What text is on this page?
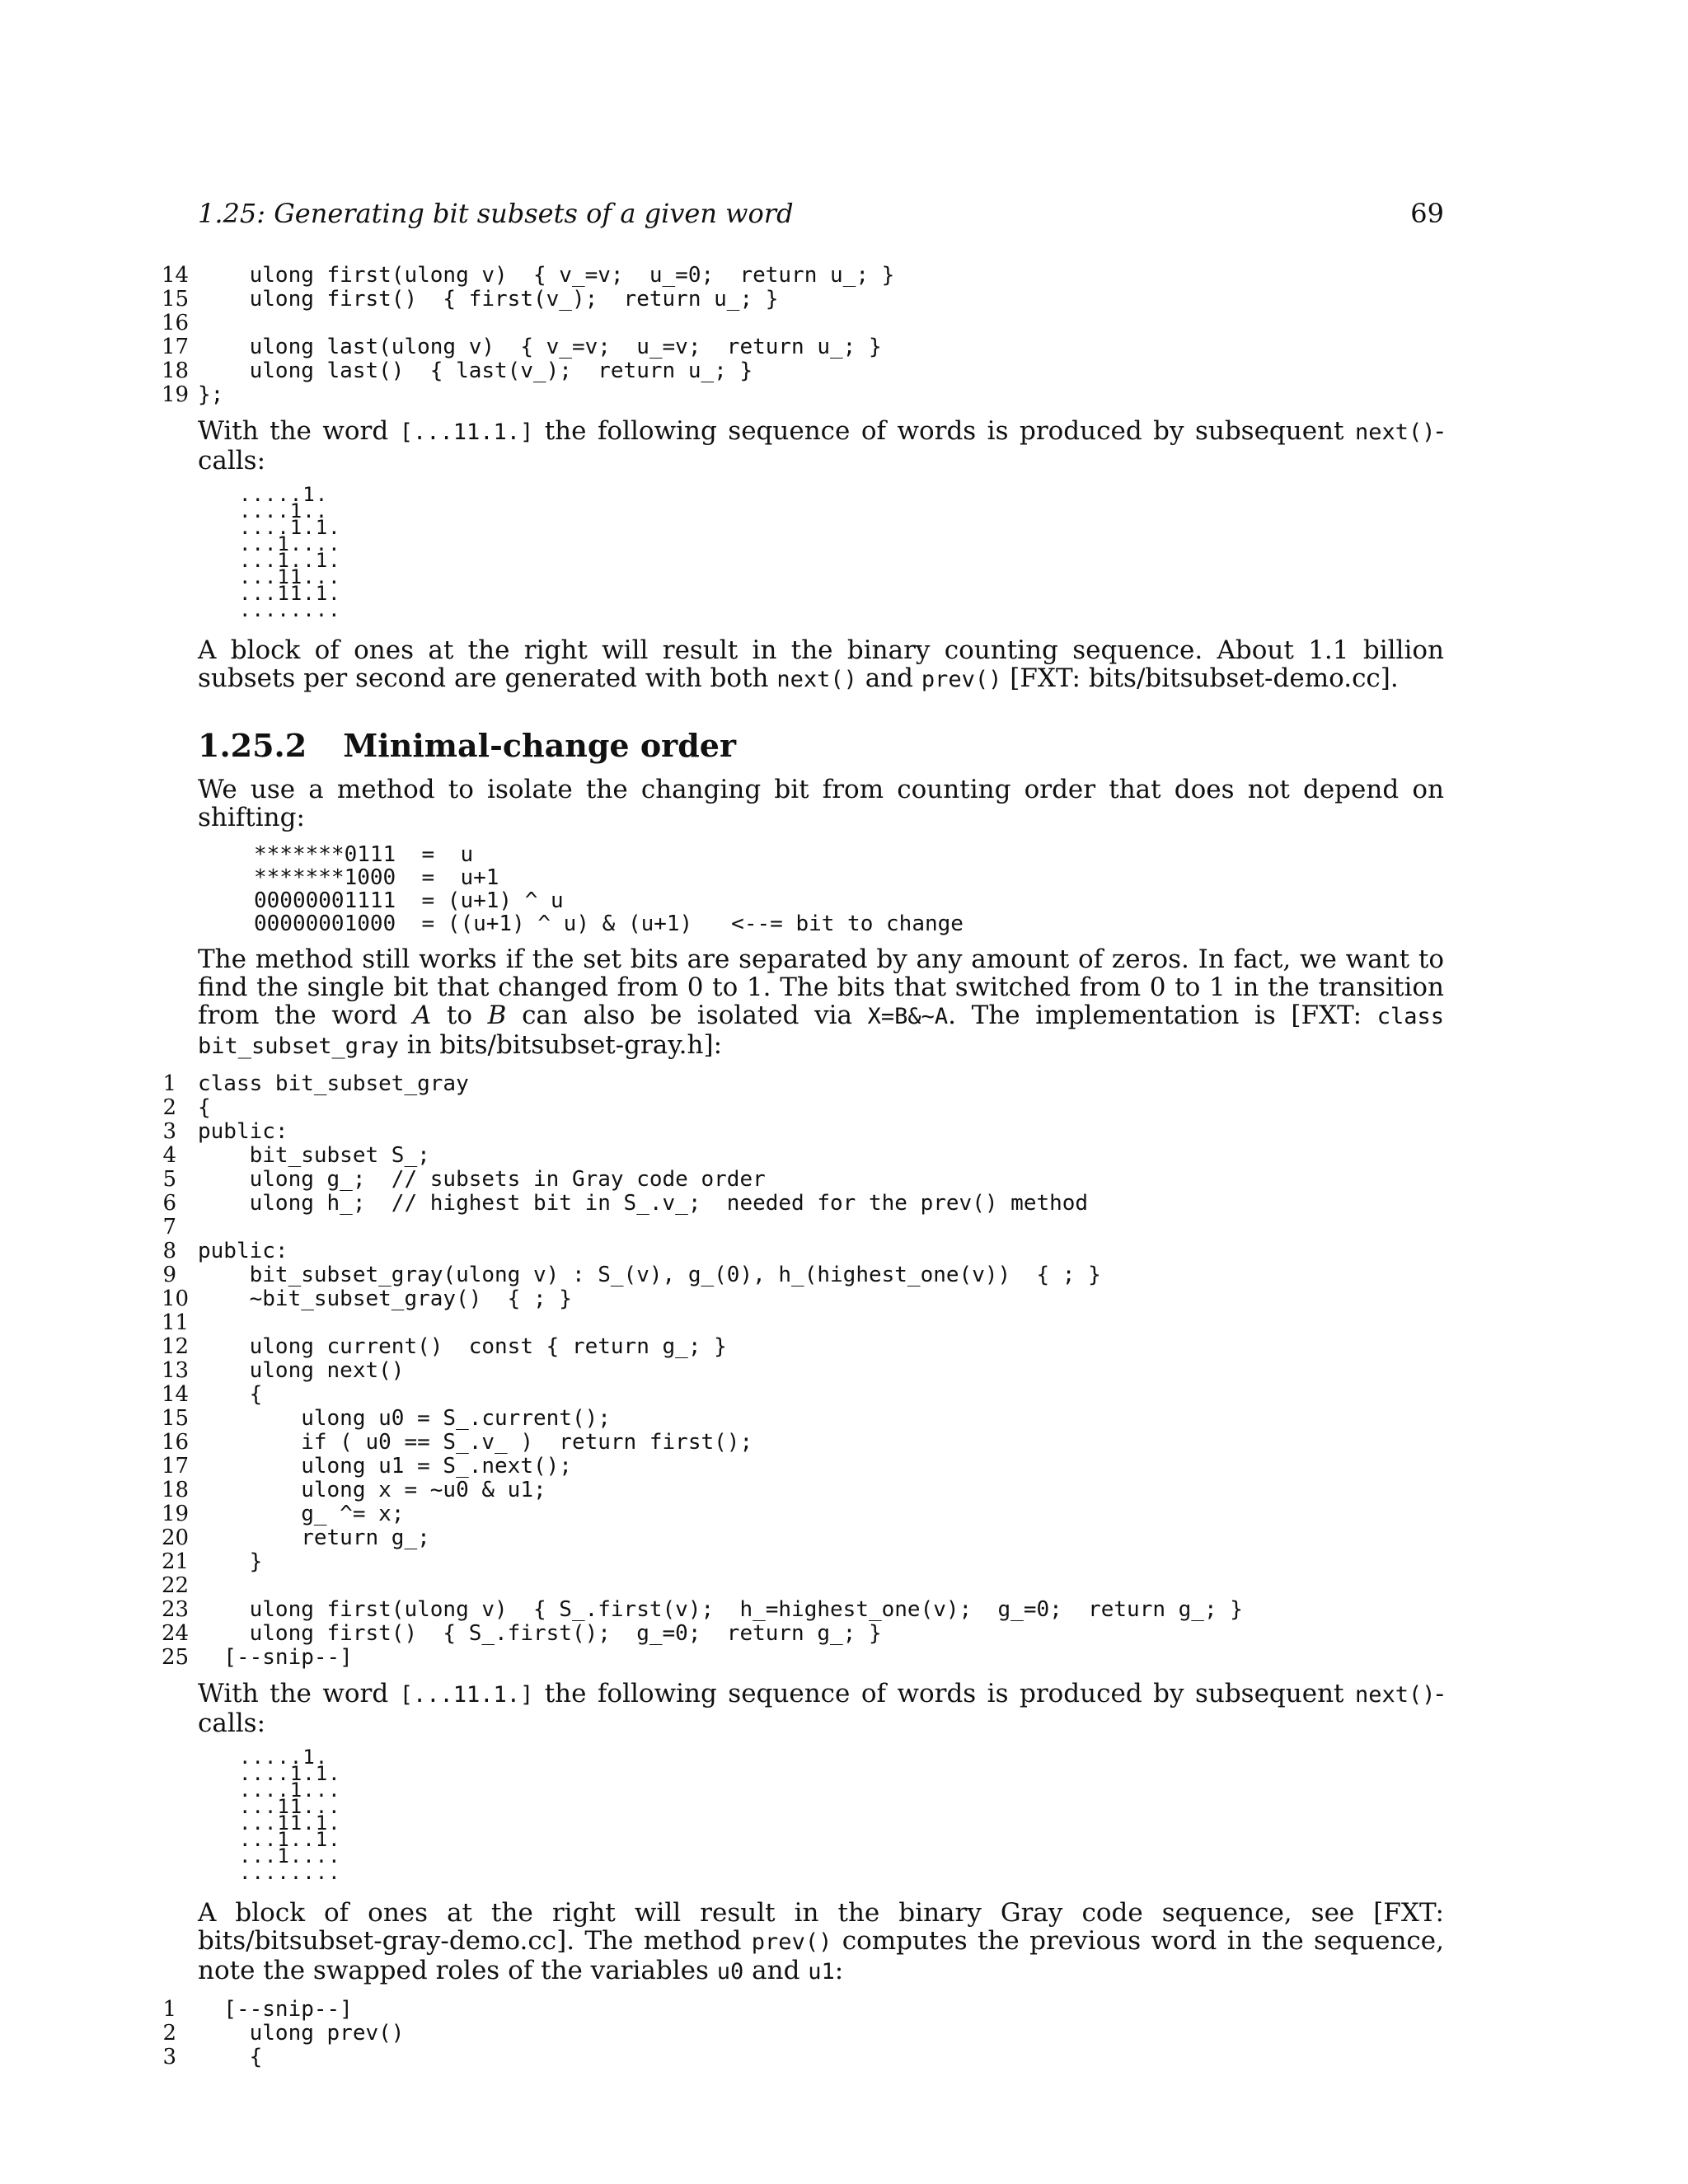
1.25: Generating bit subsets of a given word	69
14 ulong first(ulong v)  { v_=v;  u_=0;  return u_; }
15 ulong first()  { first(v_);  return u_; }
16

17 ulong last(ulong v)  { v_=v;  u_=v;  return u_; }
18 ulong last()  { last(v_);  return u_; }
19 };

With the word [...11.1.] the following sequence of words is produced by subsequent next()-calls:

.....1.
....1..
....1.1.
...1....
...1..1.
...11...
...11.1.
........

A block of ones at the right will result in the binary counting sequence. About 1.1 billion subsets per second are generated with both next() and prev() [FXT: bits/bitsubset-demo.cc].

1.25.2 Minimal-change order

We use a method to isolate the changing bit from counting order that does not depend on shifting:

*******0111  =  u
*******1000  =  u+1
00000001111  = (u+1) ^ u
00000001000  = ((u+1) ^ u) & (u+1)   <--= bit to change

The method still works if the set bits are separated by any amount of zeros. In fact, we want to find the single bit that changed from 0 to 1. The bits that switched from 0 to 1 in the transition from the word A to B can also be isolated via X=B&~A. The implementation is [FXT: class bit_subset_gray in bits/bitsubset-gray.h]:

1	class bit_subset_gray
2	{
3	public:
4	bit_subset S_;
5	ulong g_;  // subsets in Gray code order
6	ulong h_;  // highest bit in S_.v_;  needed for the prev() method
7

8	public:
9	bit_subset_gray(ulong v) : S_(v), g_(0), h_(highest_one(v))  { ; }
10 ~bit_subset_gray()  { ; }
11

12 ulong current()  const { return g_; }
13 ulong next()
14 {
15 ulong u0 = S_.current();
16 if ( u0 == S_.v_ )  return first();
17 ulong u1 = S_.next();
18 ulong x = ~u0 & u1;
19 g_ ^= x;
20 return g_;
21 }
22

23 ulong first(ulong v)  { S_.first(v);  h_=highest_one(v);  g_=0;  return g_; }
24 ulong first()  { S_.first();  g_=0;  return g_; }
25 [--snip--]

With the word [...11.1.] the following sequence of words is produced by subsequent next()-calls:

.....1.
....1.1.
....1...
...11...
...11.1.
...1..1.
...1....
........

A block of ones at the right will result in the binary Gray code sequence, see [FXT: bits/bitsubset-gray-demo.cc]. The method prev() computes the previous word in the sequence, note the swapped roles of the variables u0 and u1:

1	[--snip--]
2	ulong prev()
3	{
